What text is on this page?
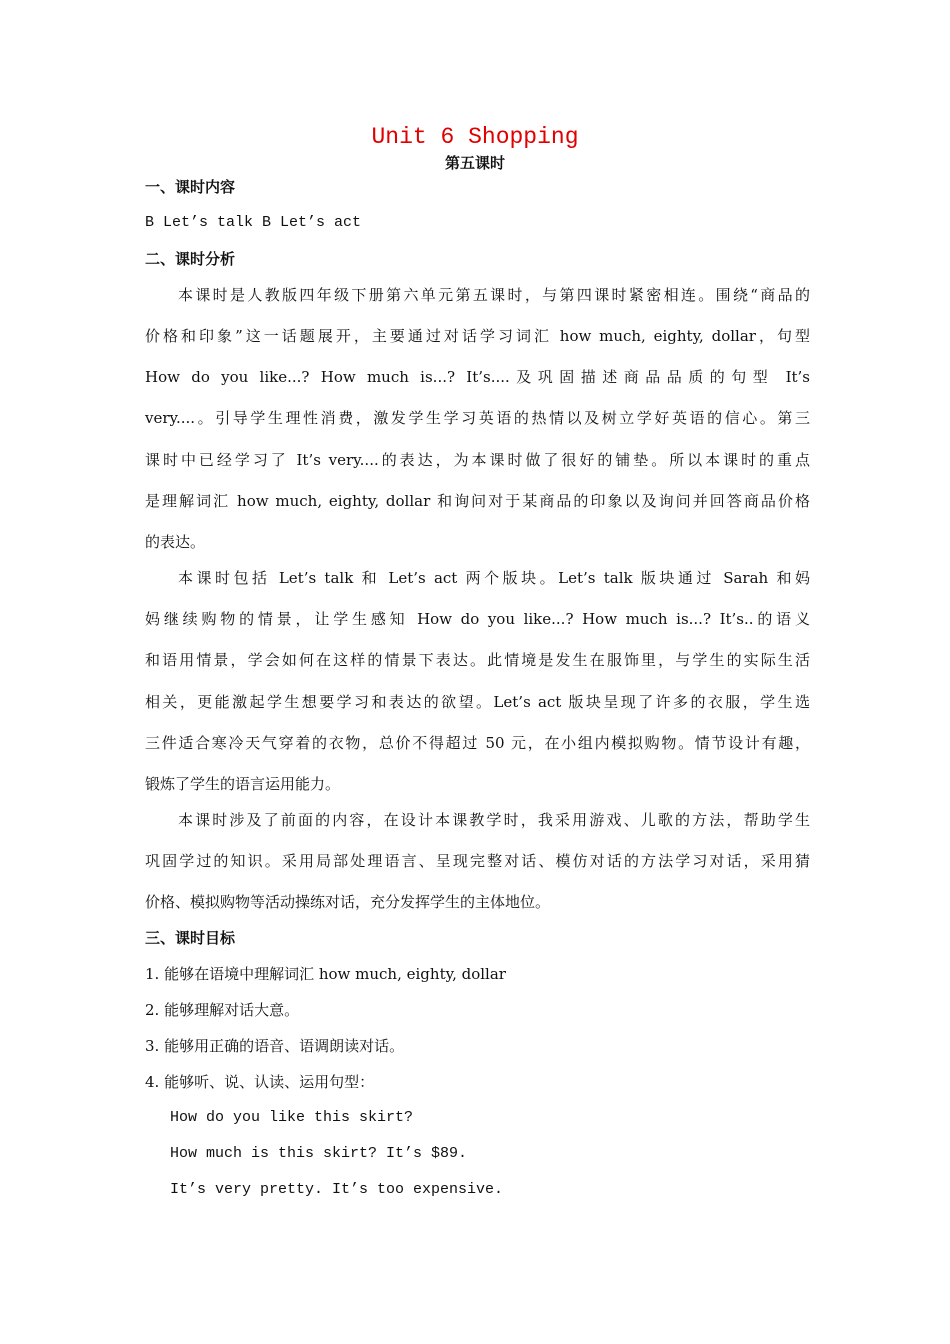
Unit 6 Shopping
第五课时
一、课时内容
B Let’s talk B Let’s act
二、课时分析
本课时是人教版四年级下册第六单元第五课时，与第四课时紧密相连。围绕“商品的
价格和印象”这一话题展开，主要通过对话学习词汇 how much, eighty, dollar，句型
How do you like...? How much is...? It’s....及巩固描述商品品质的句型 It’s
very....。引导学生理性消费，激发学生学习英语的热情以及树立学好英语的信心。第三
课时中已经学习了 It’s very....的表达，为本课时做了很好的铺垫。所以本课时的重点
是理解词汇 how much, eighty, dollar 和询问对于某商品的印象以及询问并回答商品价格
的表达。
本课时包括 Let’s talk 和 Let’s act 两个版块。Let’s talk 版块通过 Sarah 和妈
妈继续购物的情景，让学生感知 How do you like...? How much is...? It’s..的语义
和语用情景，学会如何在这样的情景下表达。此情境是发生在服饰里，与学生的实际生活
相关，更能激起学生想要学习和表达的欲望。Let’s act 版块呈现了许多的衣服，学生选
三件适合寒冷天气穿着的衣物，总价不得超过 50 元，在小组内模拟购物。情节设计有趣，
锻炼了学生的语言运用能力。
本课时涉及了前面的内容，在设计本课教学时，我采用游戏、儿歌的方法，帮助学生
巩固学过的知识。采用局部处理语言、呈现完整对话、模仿对话的方法学习对话，采用猜
价格、模拟购物等活动操练对话，充分发挥学生的主体地位。
三、课时目标
1. 能够在语境中理解词汇 how much, eighty, dollar
2. 能够理解对话大意。
3. 能够用正确的语音、语调朗读对话。
4. 能够听、说、认读、运用句型：
How do you like this skirt?
How much is this skirt? It’s $89.
It’s very pretty. It’s too expensive.
